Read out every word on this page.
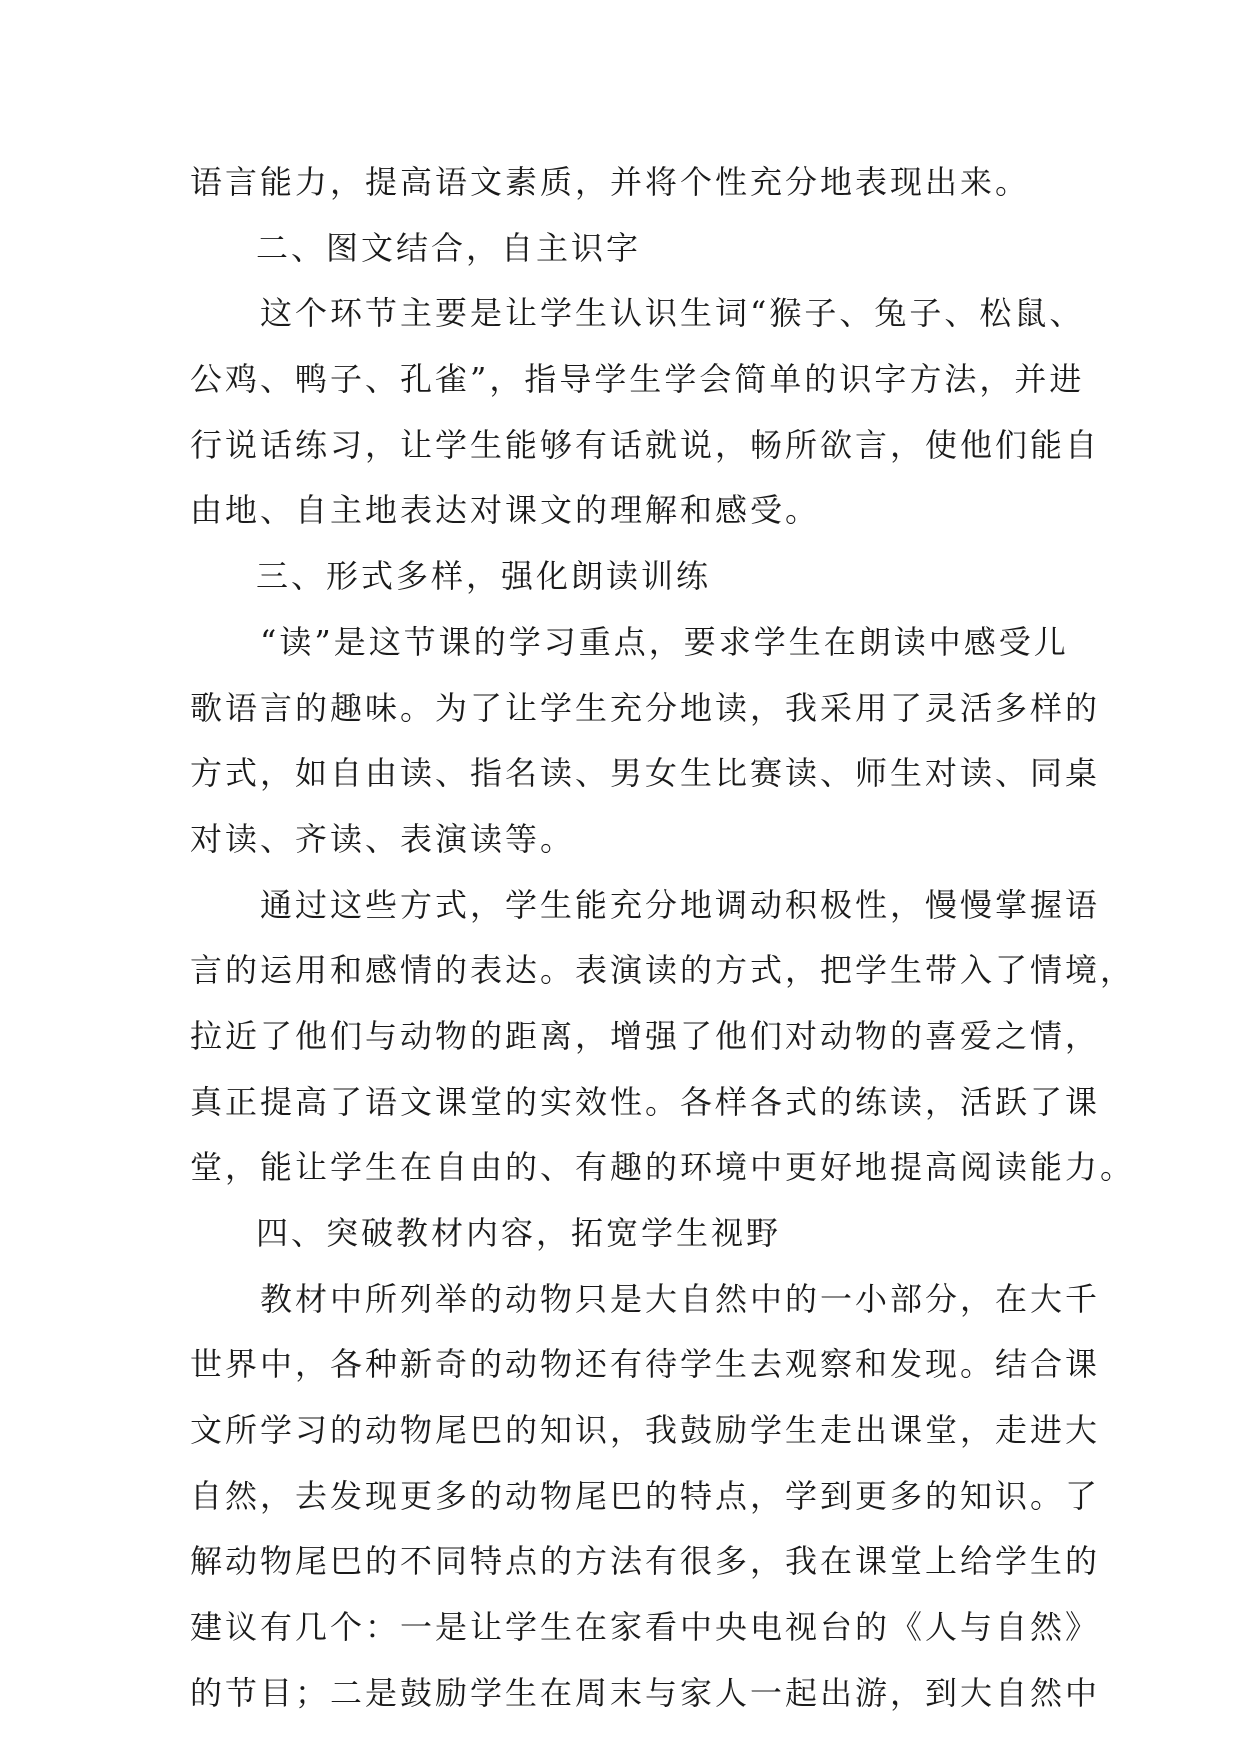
语言能力，提高语文素质，并将个性充分地表现出来。
二、图文结合，自主识字
这个环节主要是让学生认识生词“猴子、兔子、松鼠、
公鸡、鸭子、孔雀”，指导学生学会简单的识字方法，并进
行说话练习，让学生能够有话就说，畅所欲言，使他们能自
由地、自主地表达对课文的理解和感受。
三、形式多样，强化朗读训练
“读”是这节课的学习重点，要求学生在朗读中感受儿
歌语言的趣味。为了让学生充分地读，我采用了灵活多样的
方式，如自由读、指名读、男女生比赛读、师生对读、同桌
对读、齐读、表演读等。
通过这些方式，学生能充分地调动积极性，慢慢掌握语
言的运用和感情的表达。表演读的方式，把学生带入了情境，
拉近了他们与动物的距离，增强了他们对动物的喜爱之情，
真正提高了语文课堂的实效性。各样各式的练读，活跃了课
堂，能让学生在自由的、有趣的环境中更好地提高阅读能力。
四、突破教材内容，拓宽学生视野
教材中所列举的动物只是大自然中的一小部分，在大千
世界中，各种新奇的动物还有待学生去观察和发现。结合课
文所学习的动物尾巴的知识，我鼓励学生走出课堂，走进大
自然，去发现更多的动物尾巴的特点，学到更多的知识。了
解动物尾巴的不同特点的方法有很多，我在课堂上给学生的
建议有几个：一是让学生在家看中央电视台的《人与自然》
的节目；二是鼓励学生在周末与家人一起出游，到大自然中
